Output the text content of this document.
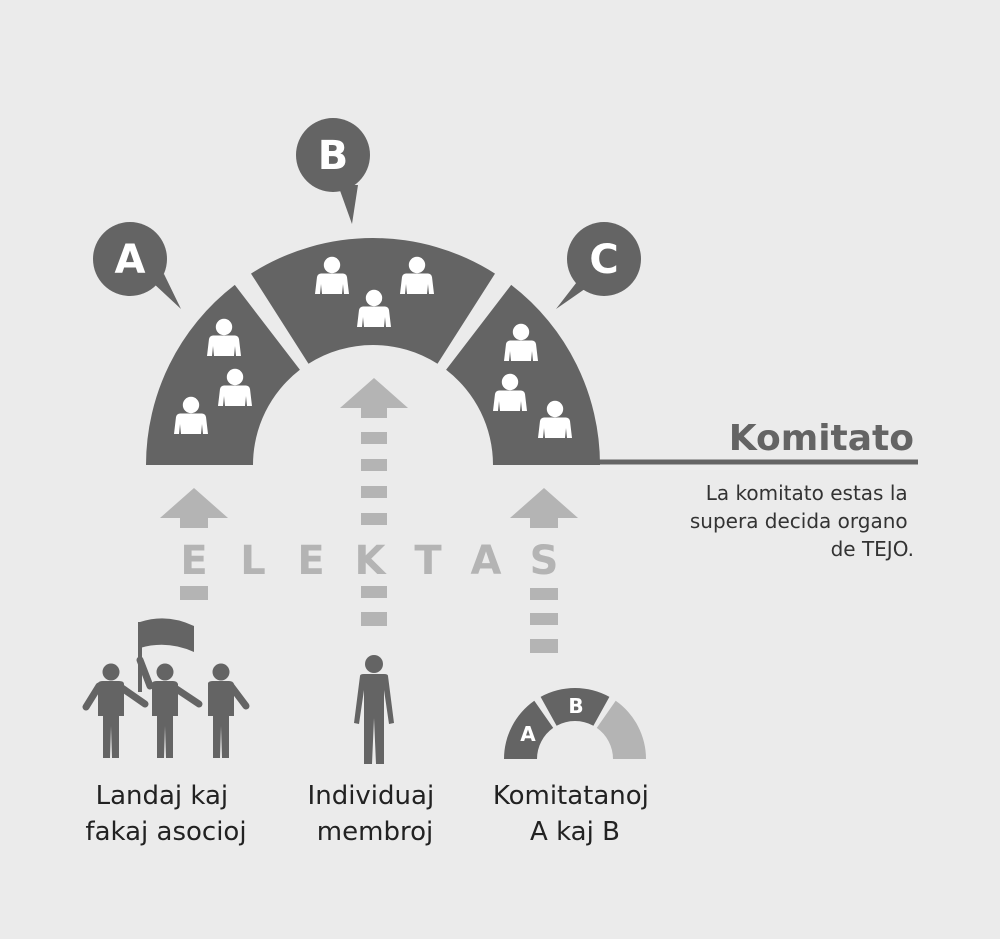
A
B
C
Komitato
La komitato estas la supera decida organo de TEJO.
E L E K T A S
A
B
Landaj kaj fakaj asocioj
Individuaj membroj
Komitatanoj A kaj B
